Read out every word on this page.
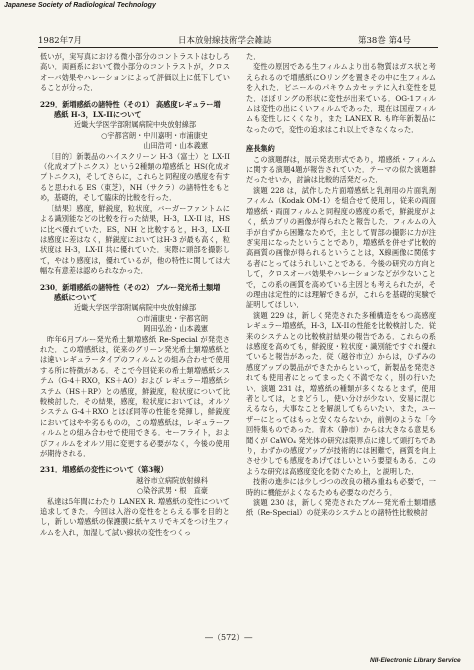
Japanese Society of Radiological Technology
1982年7月	日本放射線技術学会雑誌	第38巻 第4号

低いが，実写真における微小部分のコントラストはむしろ高い．両画系において微小部分のコントラストが，クロスオーバ効果やハレーションによって評価以上に低下していることが分った．

229．新増感紙の諸特性（その1） 高感度レギュラー増

感紙 H-3，LX-IIについて

近畿大学医学部附属病院中央放射線部

○宇都宮朗・中川嘉明・市浦康史

山田浩司・山本義憲

〔目的〕新製品のハイスクリーン H-3（富士）と LX-II（化成オプトニクス）という2種類の増感紙と HS(化成オプトニクス)，そしてさらに，これらと同程度の感度を有すると思われる ES（東芝），NH（サクラ）の諸特性をもとめ，基礎的，そして臨床的比較を行った．

〔結果〕感度，鮮鋭度，粒状度，バーガーファントムによる識別能などの比較を行った結果，H-3，LX-II は，HS に比べ優れていた．ES，NH と比較すると，H-3，LX-II は感度に差はなく，鮮鋭度においてはH-3 が最も高く，粒状度は H-3，LX-II 共に優れていた．実際に頭部を撮影して，やはり感度は，優れているが，他の特性に関しては大幅な有意差は認められなかった．

230．新増感紙の諸特性（その2） ブルー発光希土類増

感紙について

近畿大学医学部附属病院中央放射線部

○市浦康史・宇都宮朗

岡田弘治・山本義憲

昨年6月ブルー発光希土類増感紙 Re-Special が発売された．この増感紙は，従来のグリーン発光希土類増感紙とは違いレギュラータイプのフィルムとの組み合わせで使用する所に特徴がある．そこで今回従来の希土類増感紙システム（G-4＋RXO，KS＋AO）および レギュラー増感紙システム（HS＋RP）との感度，鮮鋭度，粒状度について比較検討した．その結果，感度，粒状度においては，オルソシステム G-4＋RXO とほぼ同等の性能を発揮し，鮮鋭度においてはやや劣るものの，この増感紙は，レギュラーフィルムとの組み合わせで使用できる．セーフライト，およびフィルムをオルソ用に変更する必要がなく，今後の使用が期待される．

231．増感紙の変性について（第3報）

越谷市立病院放射線科

○染谷武男・根　直豪

私達は5年間にわたり LANEX R. 増感紙の変性について追求してきた．今回は入浴の変性をとらえる事を目的とし，新しい増感紙の保護膜に紙ヤスリでキズをつけ生フィルムを入れ，加湿して試い線状の変性をつくっ

た．

変性の原因である生フィルムより出る物質はガス状と考えられるので増感紙にOリングを置きその中に生フィルムを入れた．ビニールのパキウムカセッテに入れ変性を見た．ほぼリングの形状に変性が出来ている．OG-1フィルムは変性の出にくいフィルムであった．現在は国産フィルムも変性しにくくなり，また LANEX R. も昨年新製品になったので，変性の追求はこれ以上できなくなった．

座長集約

この演題群は，展示発表形式であり，増感紙・フィルムに関する演題4題が報告されていた．テーマの似た演題群だったせいか，討論は比較的活発だった．

演題 228 は，試作した片面増感紙と乳剤用の片面乳剤フィルム（Kodak OM-1）を組合せて使用し，従来の両面増感紙・両面フィルムと同程度の感度の系で，鮮鋭度がよく，紙カブリの画像が得られたと報告した．フィルムの入手が自ずから困難なためで，主として胃部の撮影に力が注ぎ実用になったということであり，増感紙を併せず比較的高画質の画像が得られるということは，X線画像に関係する者にとってはうれしいことである．今後の研究の方向として，クロスオーバ効果やハレーションなどが少ないことで，この系の画質を高めている主因とも考えられたが，その理由は定性的には理解できるが，これらを基礎的実験で証明してほしい．

演題 229 は，新しく発売された多種構造をもつ高感度レギュラー増感紙，H-3，LX-IIの性能を比較検討した．従来のシステムとの比較検討結果の報告である．これらの系は感度を高めても，鮮鋭度・粒状度・識別能ですぐれ優れていると報告があった．従（越谷市立）からは，ひずみの感度アップの製品ができたからといって，新製品を発売されても使用者にとってまったく不満でなく，別の行いたい．演題 231 は，増感紙の種類が多くなるとまず，使用者としては，とまどうし，使い分けが少ない．安易に混じえるなら，大事なことを解説してもらいたい．また，ユーザーにとってはもっと安くならないか，前例のような「今回特集ものであった．青木（静市）からは大きなる意見も聞くが CaWO₄ 発光体の研究は限界点に達して頭打ちであり，わずかの感度アップが技術的には困難で，画質を向上させ少しでも感度をあげてほしいという要望もある．このような研究は高感度変化を防ぐため上，と説明した．

技術の進歩には少しづつの改良の積み重ねも必要で，一時的に機能がよくなるためも必要なのだろう．

演題 230 は，新しく発売されたブルー発光希土類増感紙（Re-Special）の従来のシステムとの諸特性比較検討

―（572）―
NII-Electronic Library Service
